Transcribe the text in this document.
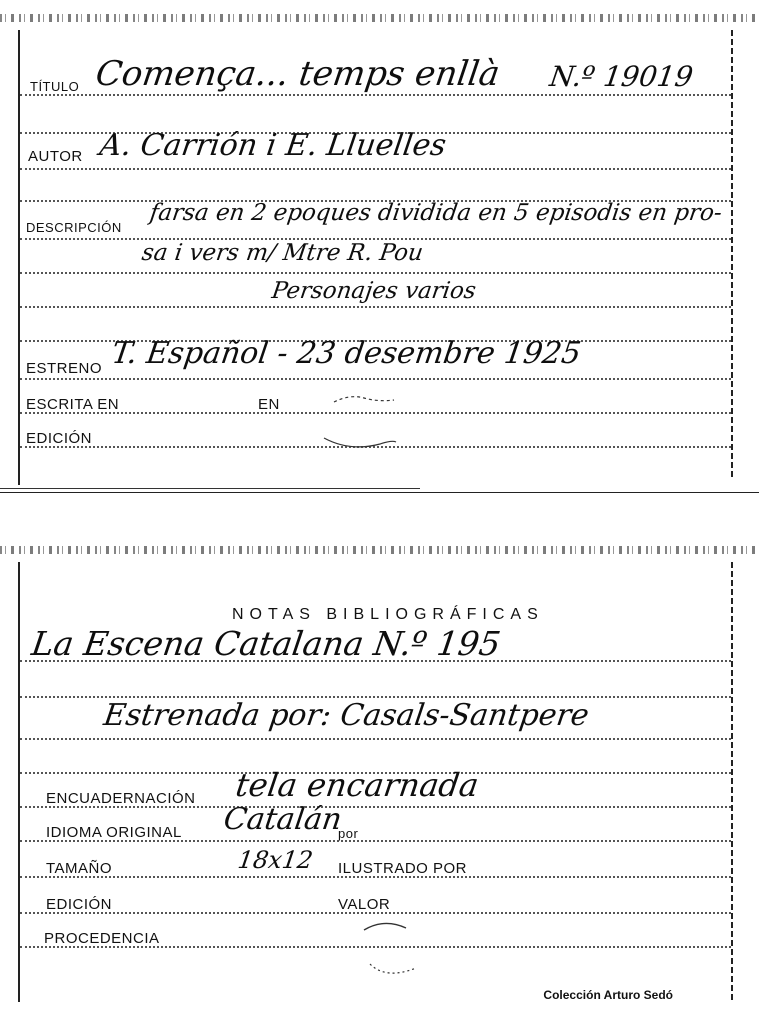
TÍTULO Comença... temps enllà N.º 19019
AUTOR A. Carrión i E. Lluelles
DESCRIPCIÓN
farsa en 2 epoques dividida en 5 episodis en pro-
sa i vers m/ Mtre R. Pou
Personajes varios
ESTRENO T. Español - 23 desembre 1925
ESCRITA EN	EN
EDICIÓN
NOTAS BIBLIOGRÁFICAS
La Escena Catalana N.º 195
Estrenada por: Casals-Santpere
ENCUADERNACIÓN tela encarnada
IDIOMA ORIGINAL Catalán
por
TAMAÑO	18x12 ILUSTRADO POR
EDICIÓN	VALOR
PROCEDENCIA
Colección Arturo Sedó
